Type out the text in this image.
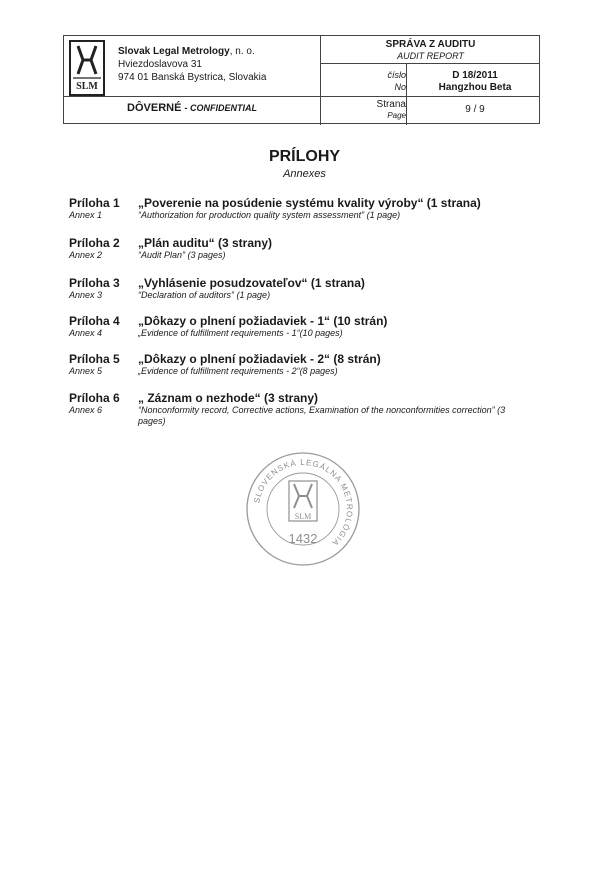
SLM
Slovak Legal Metrology, n. o.
Hviezdoslavova 31
974 01 Banská Bystrica, Slovakia
DÔVERNÉ - CONFIDENTIAL
SPRÁVA Z AUDITU
AUDIT REPORT
číslo
No
D 18/2011
Hangzhou Beta
Strana
Page
9 / 9
PRÍLOHY
Annexes
Príloha 1
Annex 1
„Poverenie na posúdenie systému kvality výroby“ (1 strana)
“Authorization for production quality system assessment” (1 page)
Príloha 2
Annex 2
„Plán auditu“ (3 strany)
“Audit Plan” (3 pages)
Príloha 3
Annex 3
„Vyhlásenie posudzovateľov“ (1 strana)
“Declaration of auditors” (1 page)
Príloha 4
Annex 4
„Dôkazy o plnení požiadaviek - 1“ (10 strán)
„Evidence of fulfillment requirements - 1“(10 pages)
Príloha 5
Annex 5
„Dôkazy o plnení požiadaviek - 2“ (8 strán)
„Evidence of fulfillment requirements - 2“(8 pages)
Príloha 6
Annex 6
„ Záznam o nezhode“ (3 strany)
“Nonconformity record, Corrective actions, Examination of the nonconformities correction” (3 pages)
SLOVENSKÁ LEGÁLNA METROLÓGIA
SLM
1432
